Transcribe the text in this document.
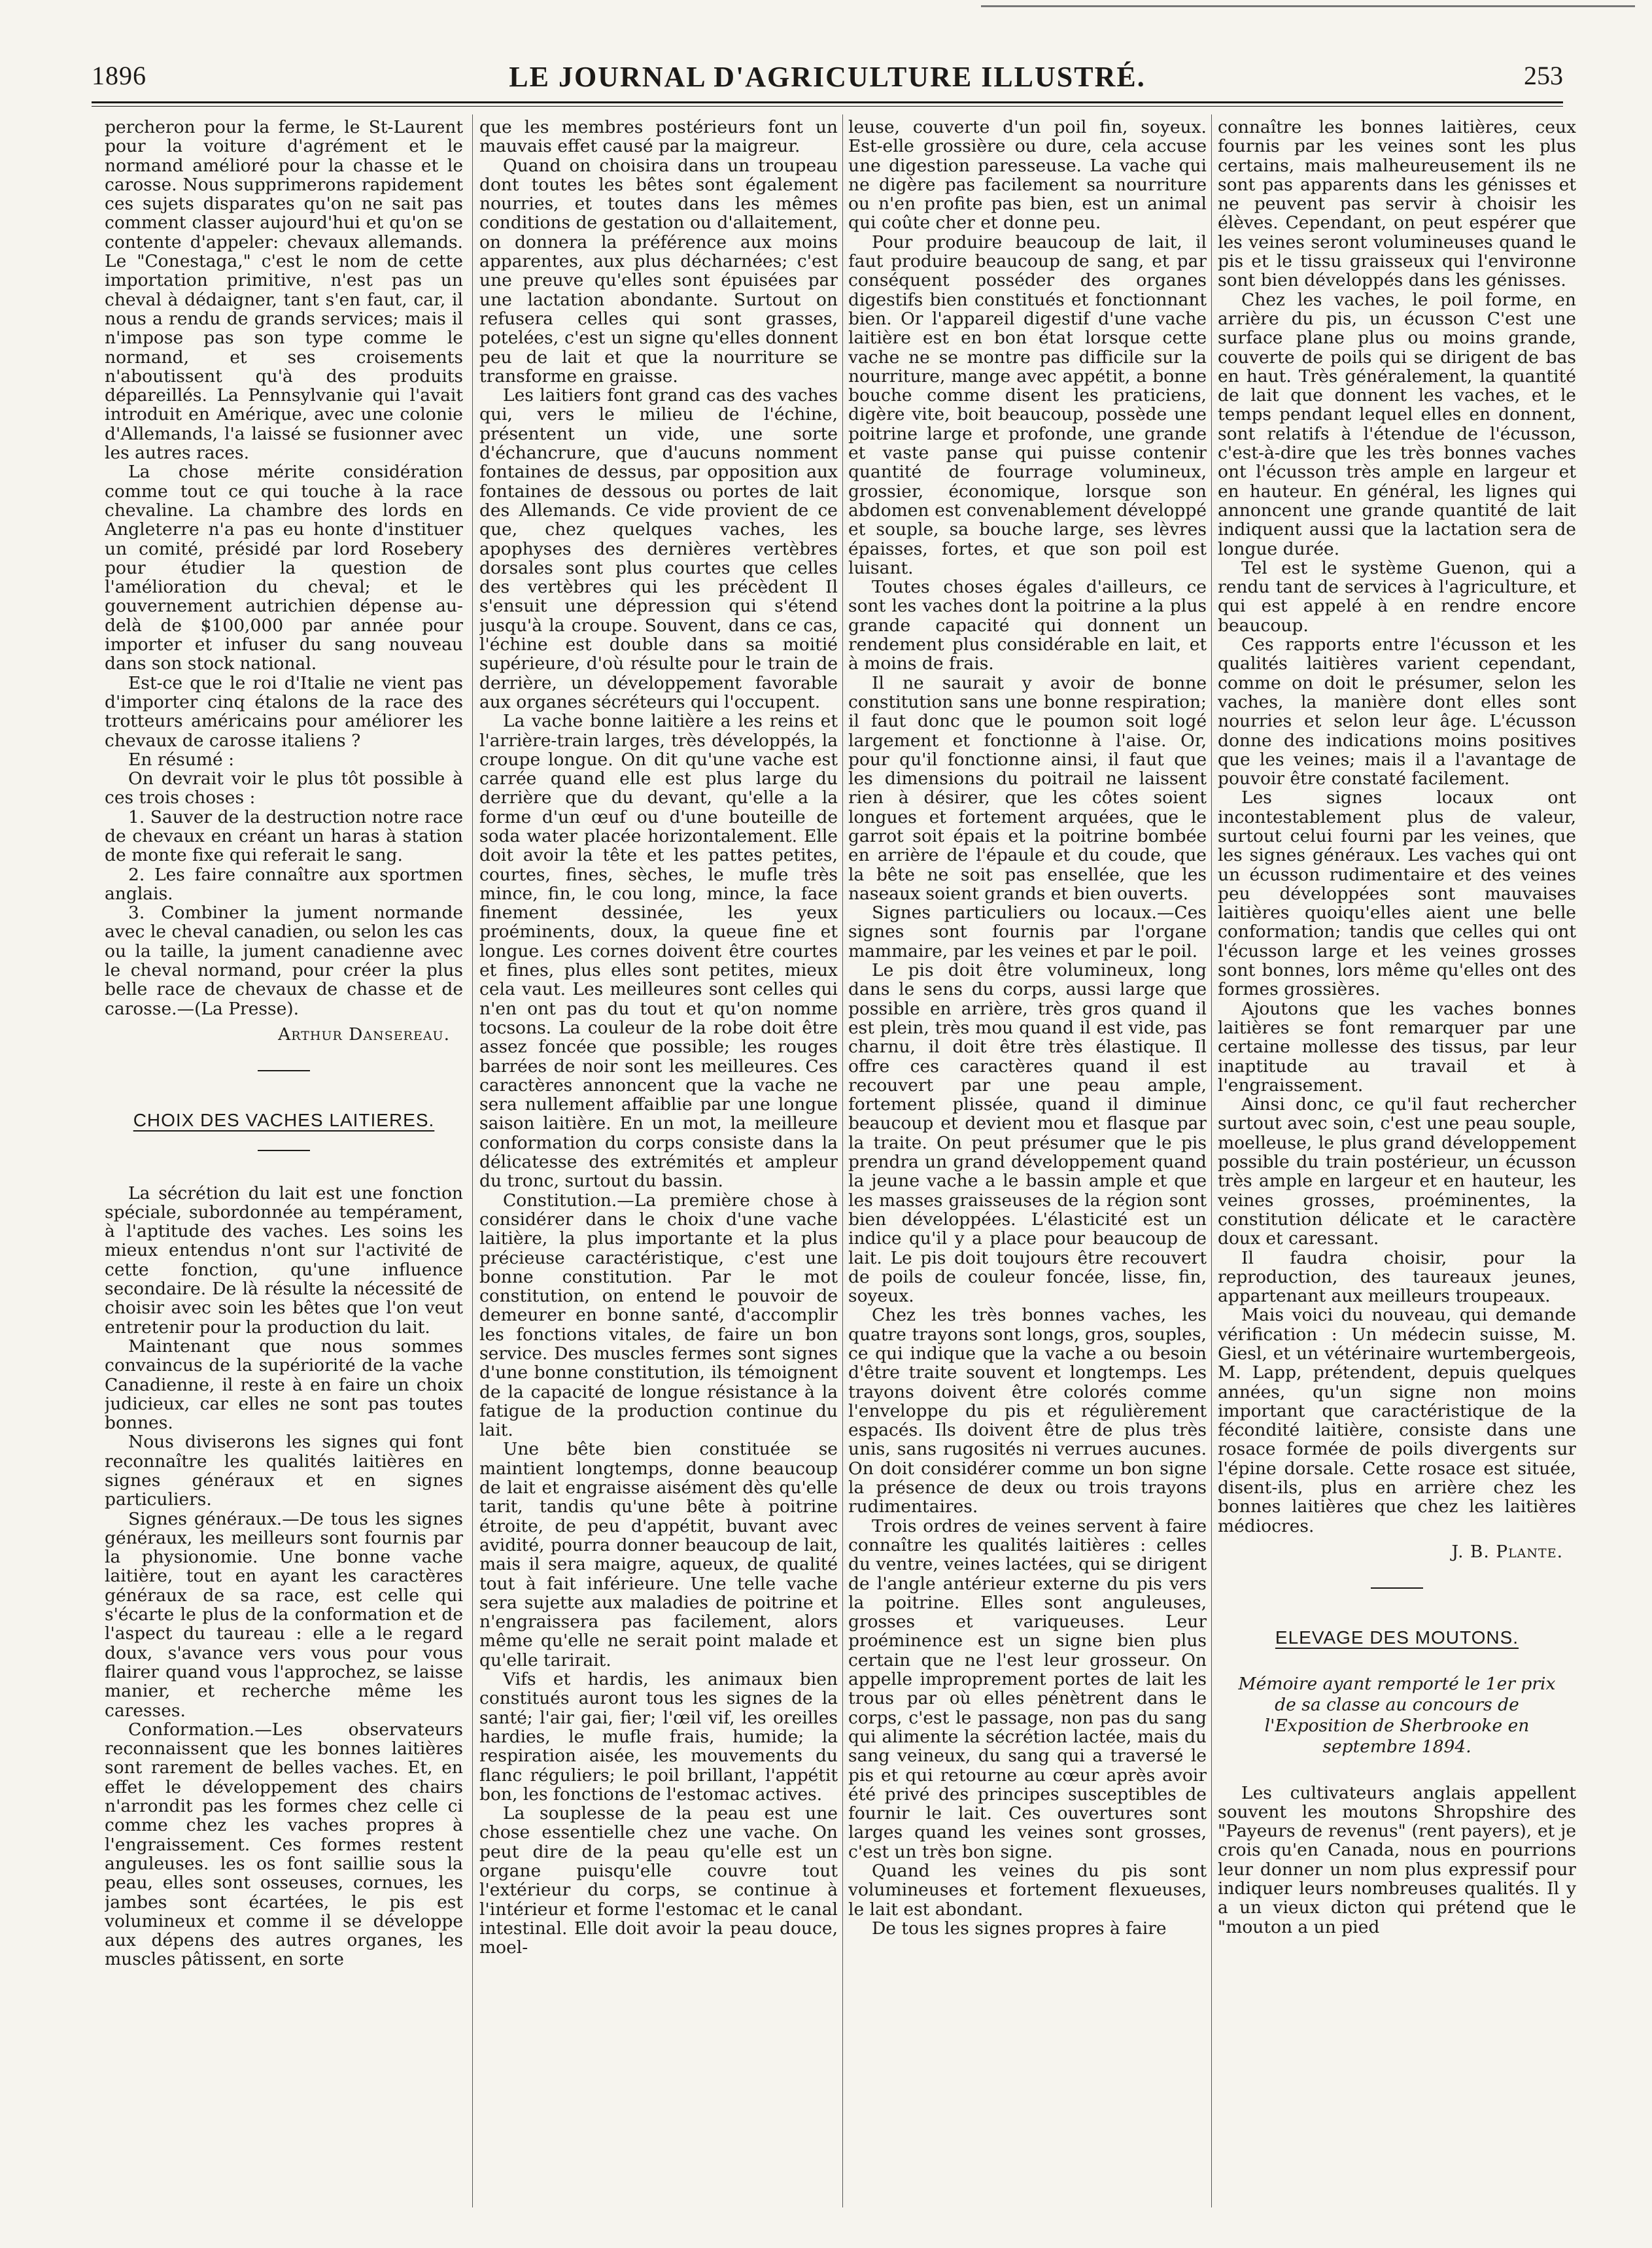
1896	LE JOURNAL D'AGRICULTURE ILLUSTRÉ.	253

percheron pour la ferme, le St-Laurent pour la voiture d'agrément et le normand amélioré pour la chasse et le carosse. Nous supprimerons rapidement ces sujets disparates qu'on ne sait pas comment classer aujourd'hui et qu'on se contente d'appeler: chevaux allemands. Le "Conestaga," c'est le nom de cette importation primitive, n'est pas un cheval à dédaigner, tant s'en faut, car, il nous a rendu de grands services; mais il n'impose pas son type comme le normand, et ses croisements n'aboutissent qu'à des produits dépareillés. La Pennsylvanie qui l'avait introduit en Amérique, avec une colonie d'Allemands, l'a laissé se fusionner avec les autres races.

La chose mérite considération comme tout ce qui touche à la race chevaline. La chambre des lords en Angleterre n'a pas eu honte d'instituer un comité, présidé par lord Rosebery pour étudier la question de l'amélioration du cheval; et le gouvernement autrichien dépense au-delà de $100,000 par année pour importer et infuser du sang nouveau dans son stock national.

Est-ce que le roi d'Italie ne vient pas d'importer cinq étalons de la race des trotteurs américains pour améliorer les chevaux de carosse italiens ?

En résumé :

On devrait voir le plus tôt possible à ces trois choses :

1. Sauver de la destruction notre race de chevaux en créant un haras à station de monte fixe qui referait le sang.

2. Les faire connaître aux sportmen anglais.

3. Combiner la jument normande avec le cheval canadien, ou selon les cas ou la taille, la jument canadienne avec le cheval normand, pour créer la plus belle race de chevaux de chasse et de carosse.—(La Presse).

Arthur Dansereau.

CHOIX DES VACHES LAITIERES.

La sécrétion du lait est une fonction spéciale, subordonnée au tempérament, à l'aptitude des vaches. Les soins les mieux entendus n'ont sur l'activité de cette fonction, qu'une influence secondaire. De là résulte la nécessité de choisir avec soin les bêtes que l'on veut entretenir pour la production du lait.

Maintenant que nous sommes convaincus de la supériorité de la vache Canadienne, il reste à en faire un choix judicieux, car elles ne sont pas toutes bonnes.

Nous diviserons les signes qui font reconnaître les qualités laitières en signes généraux et en signes particuliers.

Signes généraux.—De tous les signes généraux, les meilleurs sont fournis par la physionomie. Une bonne vache laitière, tout en ayant les caractères généraux de sa race, est celle qui s'écarte le plus de la conformation et de l'aspect du taureau : elle a le regard doux, s'avance vers vous pour vous flairer quand vous l'approchez, se laisse manier, et recherche même les caresses.

Conformation.—Les observateurs reconnaissent que les bonnes laitières sont rarement de belles vaches. Et, en effet le développement des chairs n'arrondit pas les formes chez celle ci comme chez les vaches propres à l'engraissement. Ces formes restent anguleuses. les os font saillie sous la peau, elles sont osseuses, cornues, les jambes sont écartées, le pis est volumineux et comme il se développe aux dépens des autres organes, les muscles pâtissent, en sorte

que les membres postérieurs font un mauvais effet causé par la maigreur.

Quand on choisira dans un troupeau dont toutes les bêtes sont également nourries, et toutes dans les mêmes conditions de gestation ou d'allaitement, on donnera la préférence aux moins apparentes, aux plus décharnées; c'est une preuve qu'elles sont épuisées par une lactation abondante. Surtout on refusera celles qui sont grasses, potelées, c'est un signe qu'elles donnent peu de lait et que la nourriture se transforme en graisse.

Les laitiers font grand cas des vaches qui, vers le milieu de l'échine, présentent un vide, une sorte d'échancrure, que d'aucuns nomment fontaines de dessus, par opposition aux fontaines de dessous ou portes de lait des Allemands. Ce vide provient de ce que, chez quelques vaches, les apophyses des dernières vertèbres dorsales sont plus courtes que celles des vertèbres qui les précèdent Il s'ensuit une dépression qui s'étend jusqu'à la croupe. Souvent, dans ce cas, l'échine est double dans sa moitié supérieure, d'où résulte pour le train de derrière, un développement favorable aux organes sécréteurs qui l'occupent.

La vache bonne laitière a les reins et l'arrière-train larges, très développés, la croupe longue. On dit qu'une vache est carrée quand elle est plus large du derrière que du devant, qu'elle a la forme d'un œuf ou d'une bouteille de soda water placée horizontalement. Elle doit avoir la tête et les pattes petites, courtes, fines, sèches, le mufle très mince, fin, le cou long, mince, la face finement dessinée, les yeux proéminents, doux, la queue fine et longue. Les cornes doivent être courtes et fines, plus elles sont petites, mieux cela vaut. Les meilleures sont celles qui n'en ont pas du tout et qu'on nomme tocsons. La couleur de la robe doit être assez foncée que possible; les rouges barrées de noir sont les meilleures. Ces caractères annoncent que la vache ne sera nullement affaiblie par une longue saison laitière. En un mot, la meilleure conformation du corps consiste dans la délicatesse des extrémités et ampleur du tronc, surtout du bassin.

Constitution.—La première chose à considérer dans le choix d'une vache laitière, la plus importante et la plus précieuse caractéristique, c'est une bonne constitution. Par le mot constitution, on entend le pouvoir de demeurer en bonne santé, d'accomplir les fonctions vitales, de faire un bon service. Des muscles fermes sont signes d'une bonne constitution, ils témoignent de la capacité de longue résistance à la fatigue de la production continue du lait.

Une bête bien constituée se maintient longtemps, donne beaucoup de lait et engraisse aisément dès qu'elle tarit, tandis qu'une bête à poitrine étroite, de peu d'appétit, buvant avec avidité, pourra donner beaucoup de lait, mais il sera maigre, aqueux, de qualité tout à fait inférieure. Une telle vache sera sujette aux maladies de poitrine et n'engraissera pas facilement, alors même qu'elle ne serait point malade et qu'elle tarirait.

Vifs et hardis, les animaux bien constitués auront tous les signes de la santé; l'air gai, fier; l'œil vif, les oreilles hardies, le mufle frais, humide; la respiration aisée, les mouvements du flanc réguliers; le poil brillant, l'appétit bon, les fonctions de l'estomac actives.

La souplesse de la peau est une chose essentielle chez une vache. On peut dire de la peau qu'elle est un organe puisqu'elle couvre tout l'extérieur du corps, se continue à l'intérieur et forme l'estomac et le canal intestinal. Elle doit avoir la peau douce, moel-

leuse, couverte d'un poil fin, soyeux. Est-elle grossière ou dure, cela accuse une digestion paresseuse. La vache qui ne digère pas facilement sa nourriture ou n'en profite pas bien, est un animal qui coûte cher et donne peu.

Pour produire beaucoup de lait, il faut produire beaucoup de sang, et par conséquent posséder des organes digestifs bien constitués et fonctionnant bien. Or l'appareil digestif d'une vache laitière est en bon état lorsque cette vache ne se montre pas difficile sur la nourriture, mange avec appétit, a bonne bouche comme disent les praticiens, digère vite, boit beaucoup, possède une poitrine large et profonde, une grande et vaste panse qui puisse contenir quantité de fourrage volumineux, grossier, économique, lorsque son abdomen est convenablement développé et souple, sa bouche large, ses lèvres épaisses, fortes, et que son poil est luisant.

Toutes choses égales d'ailleurs, ce sont les vaches dont la poitrine a la plus grande capacité qui donnent un rendement plus considérable en lait, et à moins de frais.

Il ne saurait y avoir de bonne constitution sans une bonne respiration; il faut donc que le poumon soit logé largement et fonctionne à l'aise. Or, pour qu'il fonctionne ainsi, il faut que les dimensions du poitrail ne laissent rien à désirer, que les côtes soient longues et fortement arquées, que le garrot soit épais et la poitrine bombée en arrière de l'épaule et du coude, que la bête ne soit pas ensellée, que les naseaux soient grands et bien ouverts.

Signes particuliers ou locaux.—Ces signes sont fournis par l'organe mammaire, par les veines et par le poil.

Le pis doit être volumineux, long dans le sens du corps, aussi large que possible en arrière, très gros quand il est plein, très mou quand il est vide, pas charnu, il doit être très élastique. Il offre ces caractères quand il est recouvert par une peau ample, fortement plissée, quand il diminue beaucoup et devient mou et flasque par la traite. On peut présumer que le pis prendra un grand développement quand la jeune vache a le bassin ample et que les masses graisseuses de la région sont bien développées. L'élasticité est un indice qu'il y a place pour beaucoup de lait. Le pis doit toujours être recouvert de poils de couleur foncée, lisse, fin, soyeux.

Chez les très bonnes vaches, les quatre trayons sont longs, gros, souples, ce qui indique que la vache a ou besoin d'être traite souvent et longtemps. Les trayons doivent être colorés comme l'enveloppe du pis et régulièrement espacés. Ils doivent être de plus très unis, sans rugosités ni verrues aucunes. On doit considérer comme un bon signe la présence de deux ou trois trayons rudimentaires.

Trois ordres de veines servent à faire connaître les qualités laitières : celles du ventre, veines lactées, qui se dirigent de l'angle antérieur externe du pis vers la poitrine. Elles sont anguleuses, grosses et variqueuses. Leur proéminence est un signe bien plus certain que ne l'est leur grosseur. On appelle improprement portes de lait les trous par où elles pénètrent dans le corps, c'est le passage, non pas du sang qui alimente la sécrétion lactée, mais du sang veineux, du sang qui a traversé le pis et qui retourne au cœur après avoir été privé des principes susceptibles de fournir le lait. Ces ouvertures sont larges quand les veines sont grosses, c'est un très bon signe.

Quand les veines du pis sont volumineuses et fortement flexueuses, le lait est abondant.

De tous les signes propres à faire

connaître les bonnes laitières, ceux fournis par les veines sont les plus certains, mais malheureusement ils ne sont pas apparents dans les génisses et ne peuvent pas servir à choisir les élèves. Cependant, on peut espérer que les veines seront volumineuses quand le pis et le tissu graisseux qui l'environne sont bien développés dans les génisses.

Chez les vaches, le poil forme, en arrière du pis, un écusson C'est une surface plane plus ou moins grande, couverte de poils qui se dirigent de bas en haut. Très généralement, la quantité de lait que donnent les vaches, et le temps pendant lequel elles en donnent, sont relatifs à l'étendue de l'écusson, c'est-à-dire que les très bonnes vaches ont l'écusson très ample en largeur et en hauteur. En général, les lignes qui annoncent une grande quantité de lait indiquent aussi que la lactation sera de longue durée.

Tel est le système Guenon, qui a rendu tant de services à l'agriculture, et qui est appelé à en rendre encore beaucoup.

Ces rapports entre l'écusson et les qualités laitières varient cependant, comme on doit le présumer, selon les vaches, la manière dont elles sont nourries et selon leur âge. L'écusson donne des indications moins positives que les veines; mais il a l'avantage de pouvoir être constaté facilement.

Les signes locaux ont incontestablement plus de valeur, surtout celui fourni par les veines, que les signes généraux. Les vaches qui ont un écusson rudimentaire et des veines peu développées sont mauvaises laitières quoiqu'elles aient une belle conformation; tandis que celles qui ont l'écusson large et les veines grosses sont bonnes, lors même qu'elles ont des formes grossières.

Ajoutons que les vaches bonnes laitières se font remarquer par une certaine mollesse des tissus, par leur inaptitude au travail et à l'engraissement.

Ainsi donc, ce qu'il faut rechercher surtout avec soin, c'est une peau souple, moelleuse, le plus grand développement possible du train postérieur, un écusson très ample en largeur et en hauteur, les veines grosses, proéminentes, la constitution délicate et le caractère doux et caressant.

Il faudra choisir, pour la reproduction, des taureaux jeunes, appartenant aux meilleurs troupeaux.

Mais voici du nouveau, qui demande vérification : Un médecin suisse, M. Giesl, et un vétérinaire wurtembergeois, M. Lapp, prétendent, depuis quelques années, qu'un signe non moins important que caractéristique de la fécondité laitière, consiste dans une rosace formée de poils divergents sur l'épine dorsale. Cette rosace est située, disent-ils, plus en arrière chez les bonnes laitières que chez les laitières médiocres.

J. B. Plante.

ELEVAGE DES MOUTONS.

Mémoire ayant remporté le 1er prix de sa classe au concours de l'Exposition de Sherbrooke en septembre 1894.

Les cultivateurs anglais appellent souvent les moutons Shropshire des "Payeurs de revenus" (rent payers), et je crois qu'en Canada, nous en pourrions leur donner un nom plus expressif pour indiquer leurs nombreuses qualités. Il y a un vieux dicton qui prétend que le "mouton a un pied
